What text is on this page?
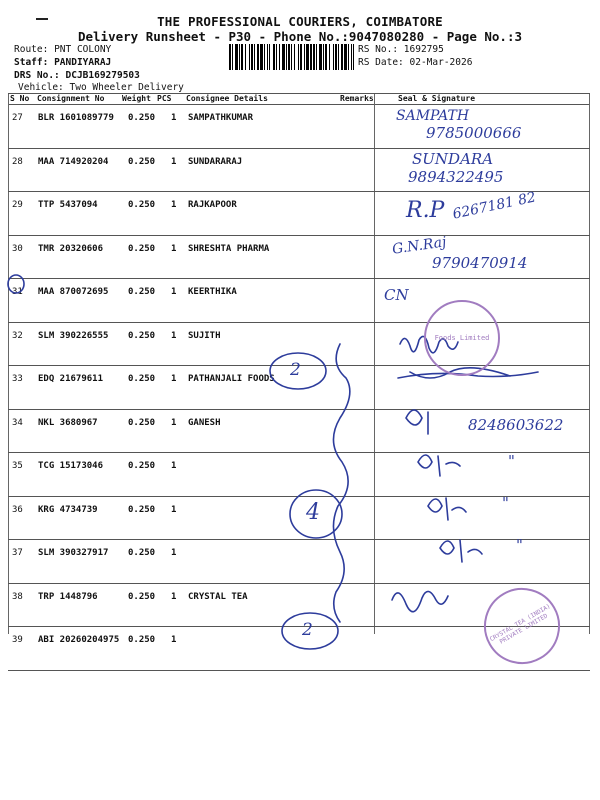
THE PROFESSIONAL COURIERS, COIMBATORE
Delivery Runsheet - P30 - Phone No.:9047080280 - Page No.:3
Route: PNT COLONY
Staff: PANDIYARAJ
DRS No.: DCJB169279503
Vehicle: Two Wheeler Delivery
RS No.: 1692795
RS Date: 02-Mar-2026
S No Consignment No Weight PCS Consignee Details	Remarks	Seal & Signature
27 BLR 1601089779 0.250 1 SAMPATHKUMAR
28 MAA 714920204 0.250 1 SUNDARARAJ
29 TTP 5437094	0.250 1 RAJKAPOOR
30 TMR 20320606	0.250 1 SHRESHTA PHARMA
31 MAA 870072695 0.250 1 KEERTHIKA
32 SLM 390226555 0.250 1 SUJITH
33 EDQ 21679611	0.250 1 PATHANJALI FOODS
34 NKL 3680967	0.250 1 GANESH
35 TCG 15173046	0.250 1
36 KRG 4734739	0.250 1
37 SLM 390327917 0.250 1
38 TRP 1448796	0.250 1 CRYSTAL TEA
39 ABI 20260204975 0.250 1
SAMPATH
9785000666
SUNDARA
9894322495
R.P 6267181 82
G.N.Raj
9790470914
CN
8248603622
"
"
"
2
4
2
Foods Limited
CRYSTAL TEA (INDIA) PRIVATE LIMITED
